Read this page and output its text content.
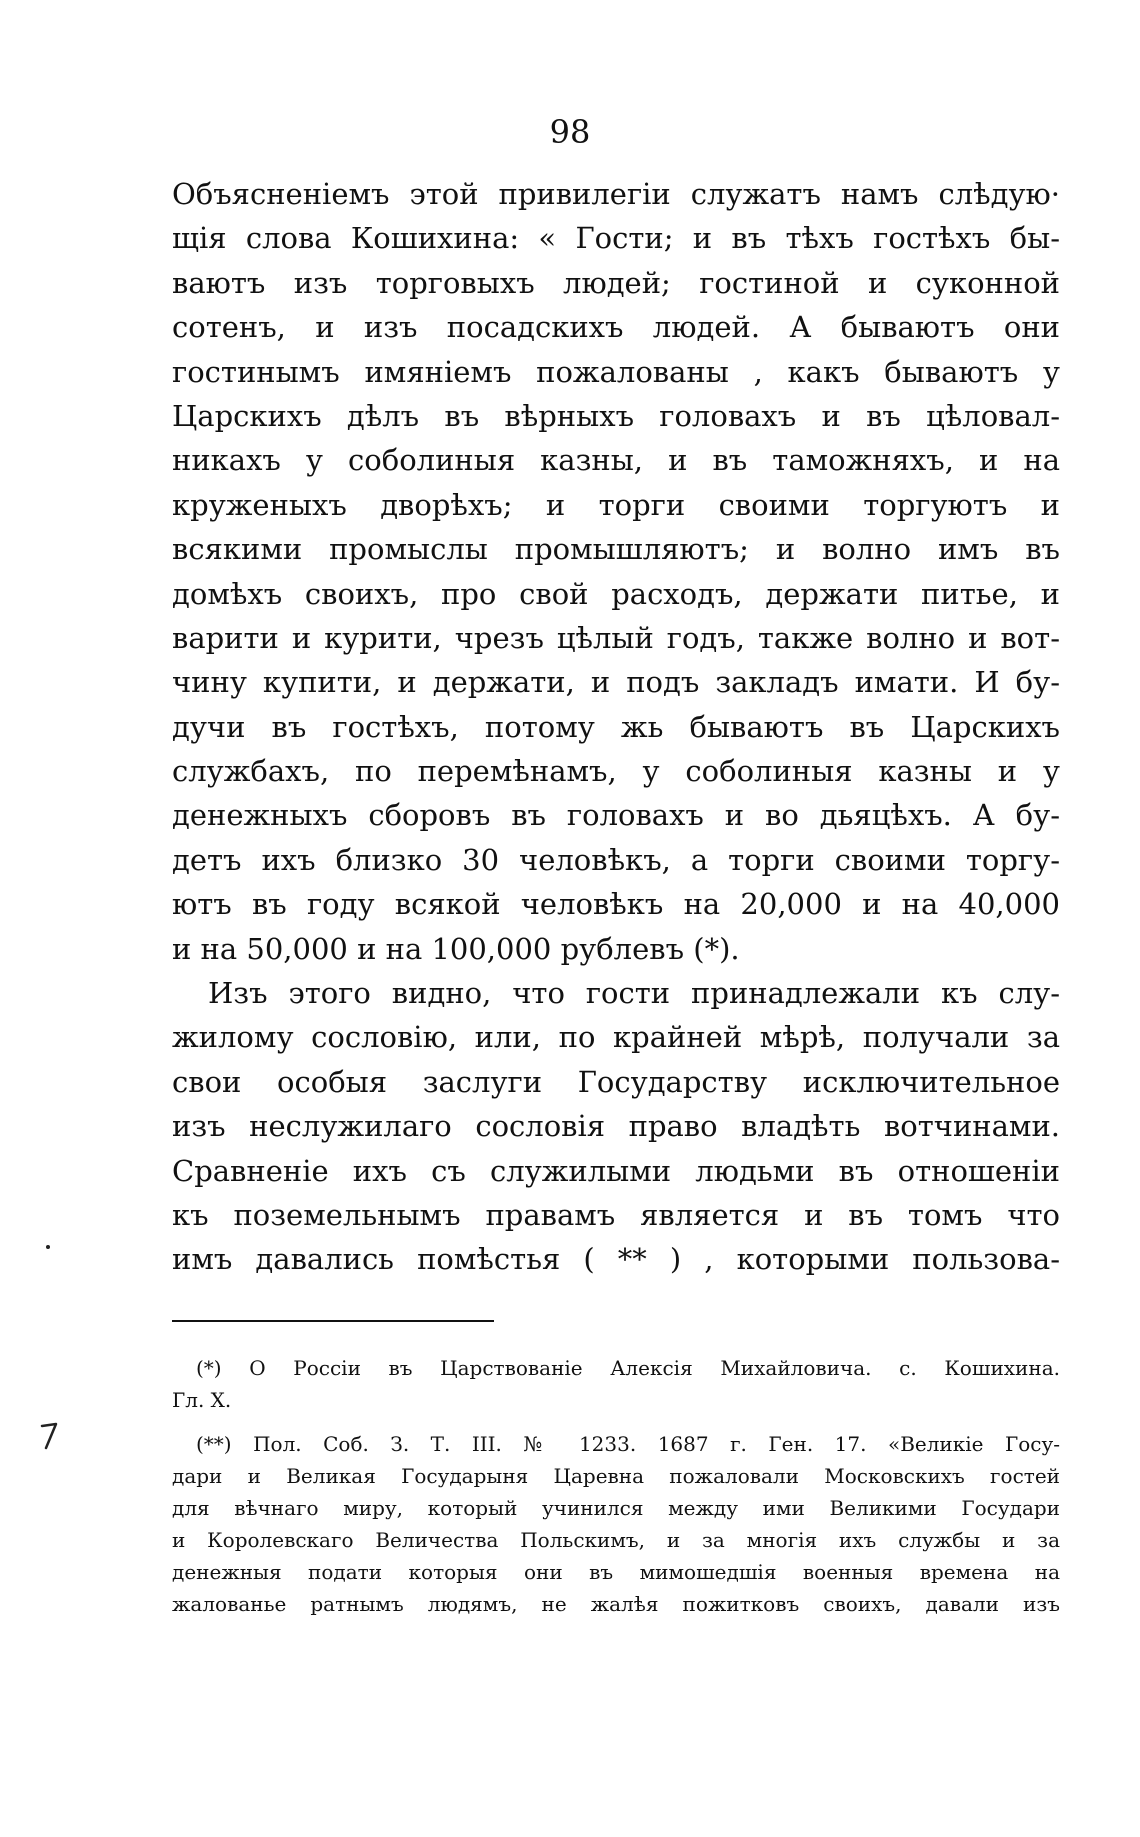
98
Объясненіемъ этой привилегіи служатъ намъ слѣдую·
щія слова Кошихина: « Гости; и въ тѣхъ гостѣхъ бы-
ваютъ изъ торговыхъ людей; гостиной и суконной
сотенъ, и изъ посадскихъ людей. А бываютъ они
гостинымъ имяніемъ пожалованы , какъ бываютъ у
Царскихъ дѣлъ въ вѣрныхъ головахъ и въ цѣловал-
никахъ у соболиныя казны, и въ таможняхъ, и на
круженыхъ дворѣхъ; и торги своими торгуютъ и
всякими промыслы промышляютъ; и волно имъ въ
домѣхъ своихъ, про свой расходъ, держати питье, и
варити и курити, чрезъ цѣлый годъ, также волно и вот-
чину купити, и держати, и подъ закладъ имати. И бу-
дучи въ гостѣхъ, потому жь бываютъ въ Царскихъ
службахъ, по перемѣнамъ, у соболиныя казны и у
денежныхъ сборовъ въ головахъ и во дьяцѣхъ. А бу-
детъ ихъ близко 30 человѣкъ, а торги своими торгу-
ютъ въ году всякой человѣкъ на 20,000 и на 40,000
и на 50,000 и на 100,000 рублевъ (*).
Изъ этого видно, что гости принадлежали къ слу-
жилому сословію, или, по крайней мѣрѣ, получали за
свои особыя заслуги Государству исключительное
изъ неслужилаго сословія право владѣть вотчинами.
Сравненіе ихъ съ служилыми людьми въ отношеніи
къ поземельнымъ правамъ является и въ томъ что
имъ давались помѣстья ( ** ) , которыми пользова-
(*) О Россіи въ Царствованіе Алексія Михайловича. с. Кошихина.
Гл. X.
(**) Пол. Соб. З. Т. III. № 1233. 1687 г. Ген. 17. «Великіе Госу-
дари и Великая Государыня Царевна пожаловали Московскихъ гостей
для вѣчнаго миру, который учинился между ими Великими Государи
и Королевскаго Величества Польскимъ, и за многія ихъ службы и за
денежныя подати которыя они въ мимошедшія военныя времена на
жалованье ратнымъ людямъ, не жалѣя пожитковъ своихъ, давали изъ
